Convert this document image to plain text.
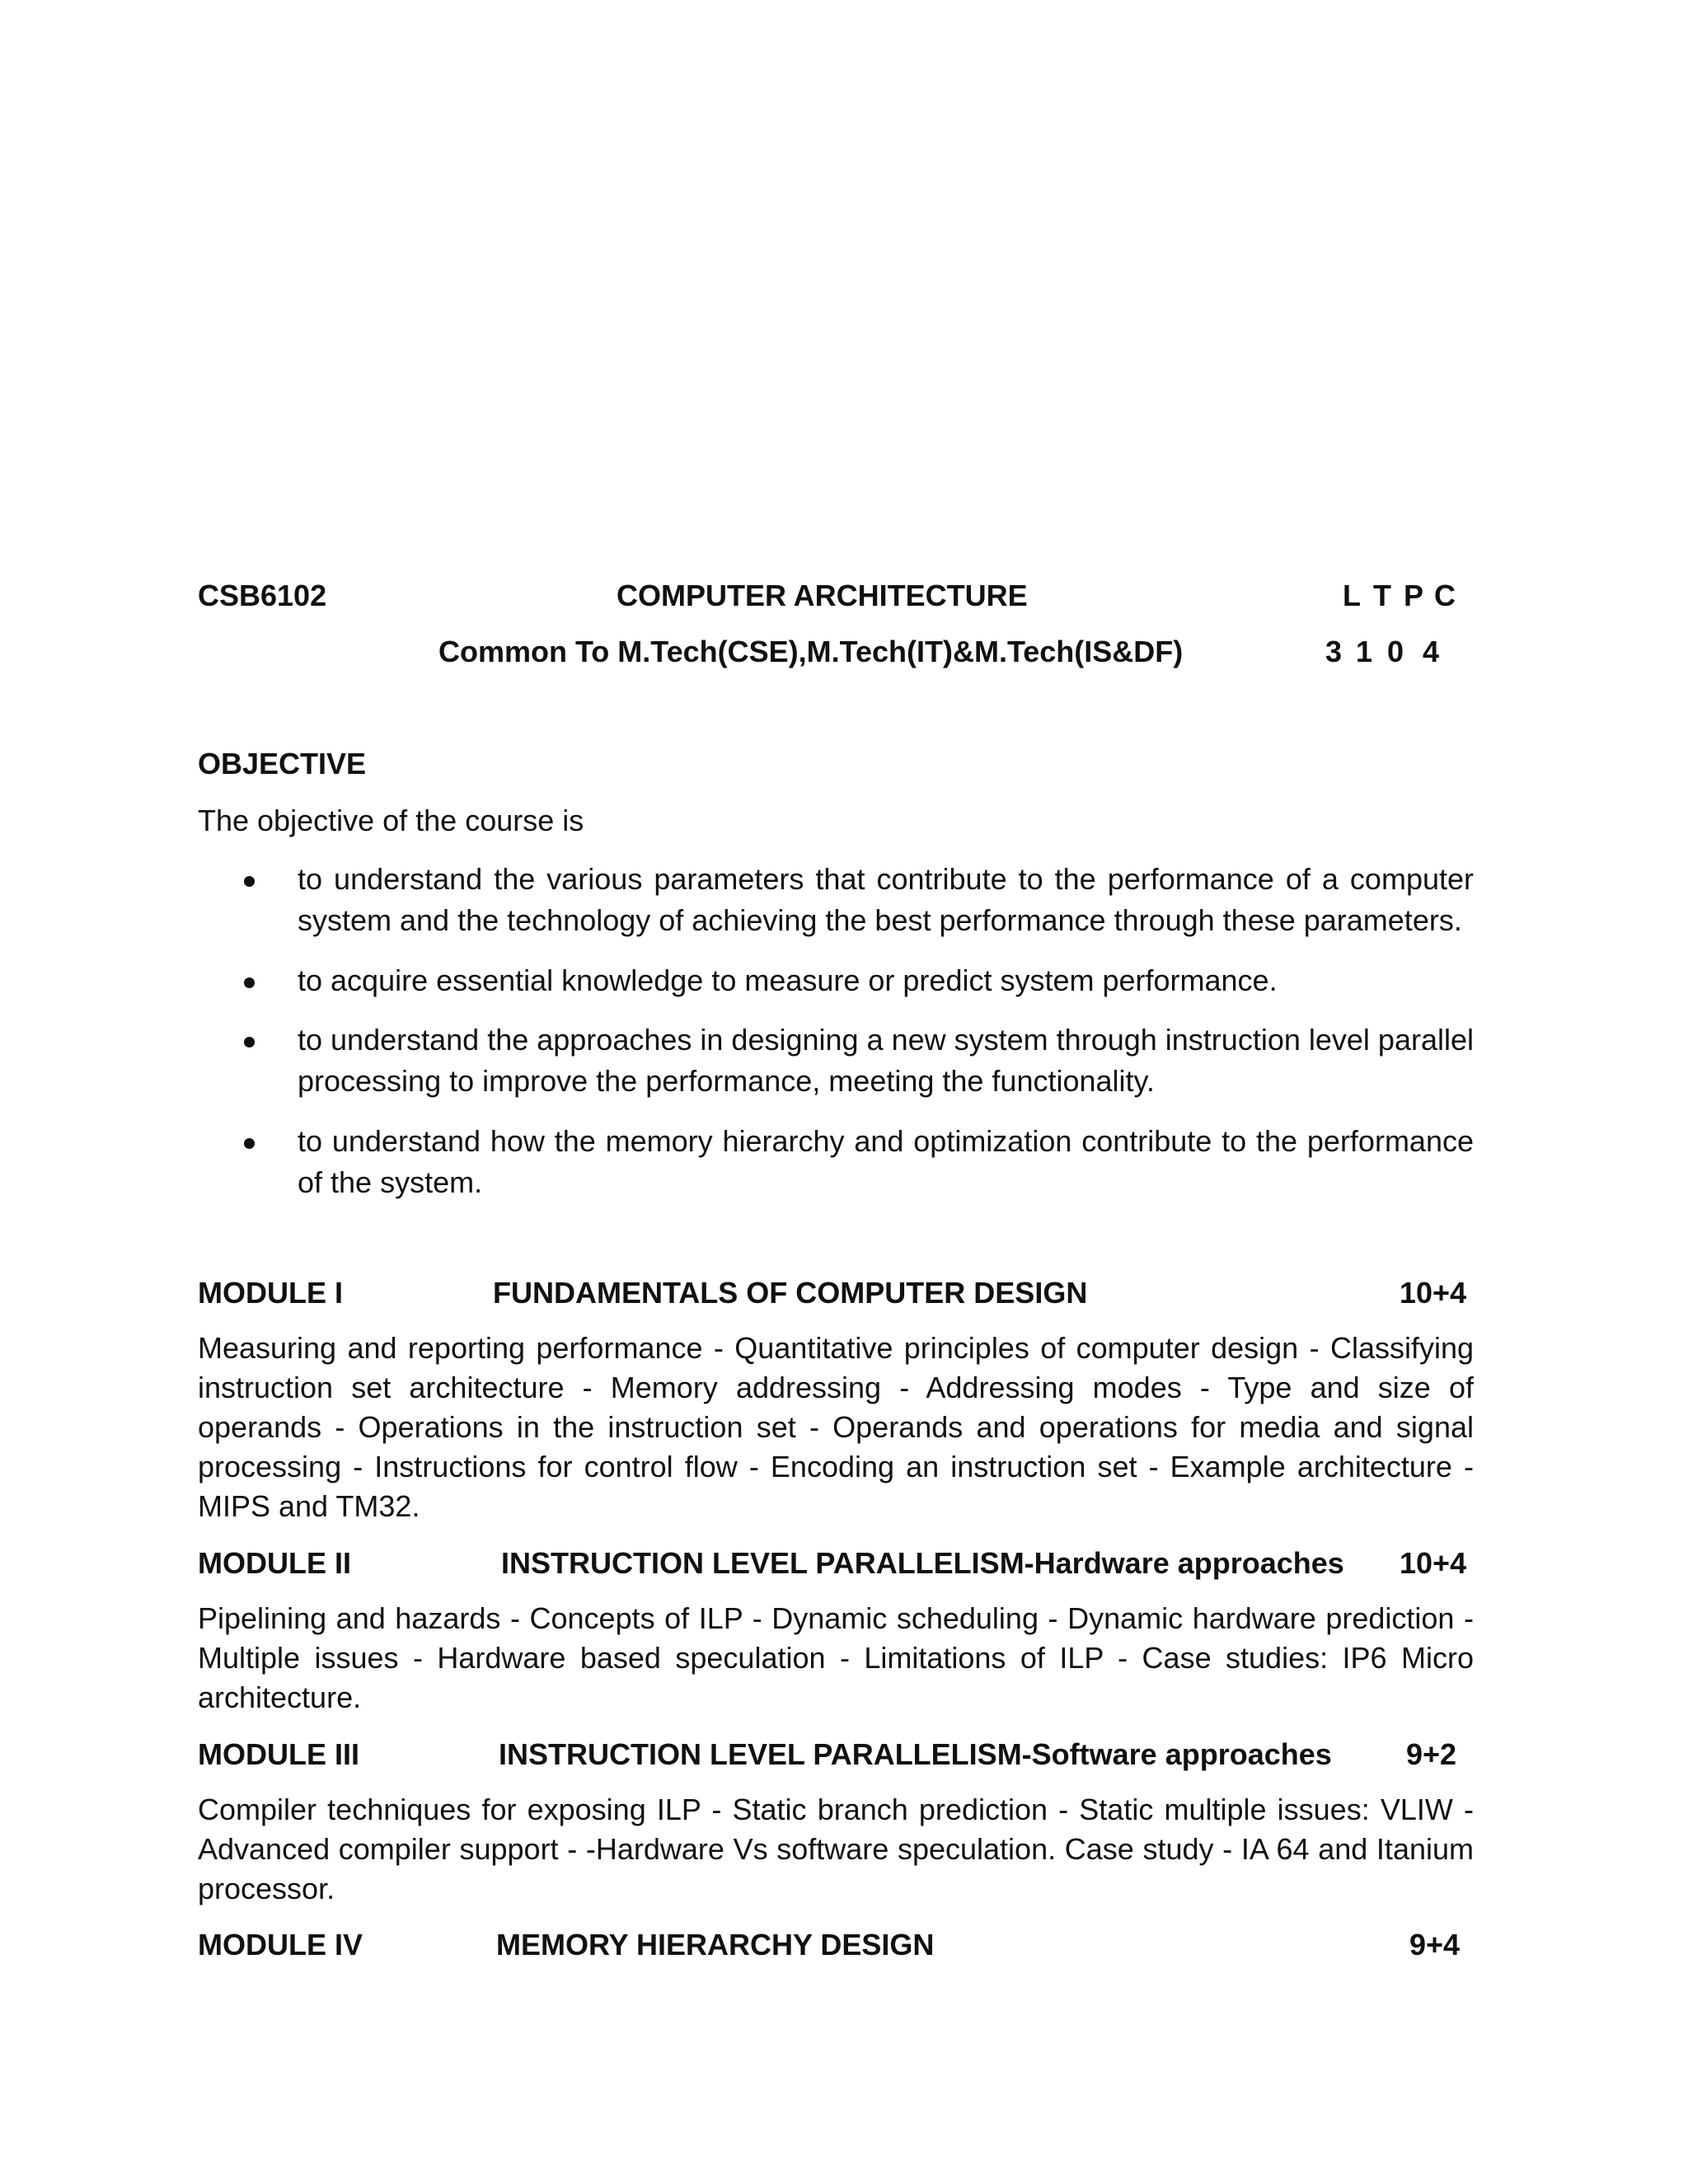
CSB6102	COMPUTER ARCHITECTURE	L T P C
Common To M.Tech(CSE),M.Tech(IT)&M.Tech(IS&DF)	3 1 0 4
OBJECTIVE
The objective of the course is
to understand the various parameters that contribute to the performance of a computer system and the technology of achieving the best performance through these parameters.
to acquire essential knowledge to measure or predict system performance.
to understand the approaches in designing a new system through instruction level parallel processing to improve the performance, meeting the functionality.
to understand how the memory hierarchy and optimization contribute to the performance of the system.
MODULE I	FUNDAMENTALS OF COMPUTER DESIGN	10+4
Measuring and reporting performance - Quantitative principles of computer design - Classifying instruction set architecture - Memory addressing - Addressing modes - Type and size of operands - Operations in the instruction set - Operands and operations for media and signal processing - Instructions for control flow - Encoding an instruction set - Example architecture - MIPS and TM32.
MODULE II	INSTRUCTION LEVEL PARALLELISM-Hardware approaches 10+4
Pipelining and hazards - Concepts of ILP - Dynamic scheduling - Dynamic hardware prediction - Multiple issues - Hardware based speculation - Limitations of ILP - Case studies: IP6 Micro architecture.
MODULE III	INSTRUCTION LEVEL PARALLELISM-Software approaches	9+2
Compiler techniques for exposing ILP - Static branch prediction - Static multiple issues: VLIW - Advanced compiler support - -Hardware Vs software speculation. Case study - IA 64 and Itanium processor.
MODULE IV	MEMORY HIERARCHY DESIGN	9+4
